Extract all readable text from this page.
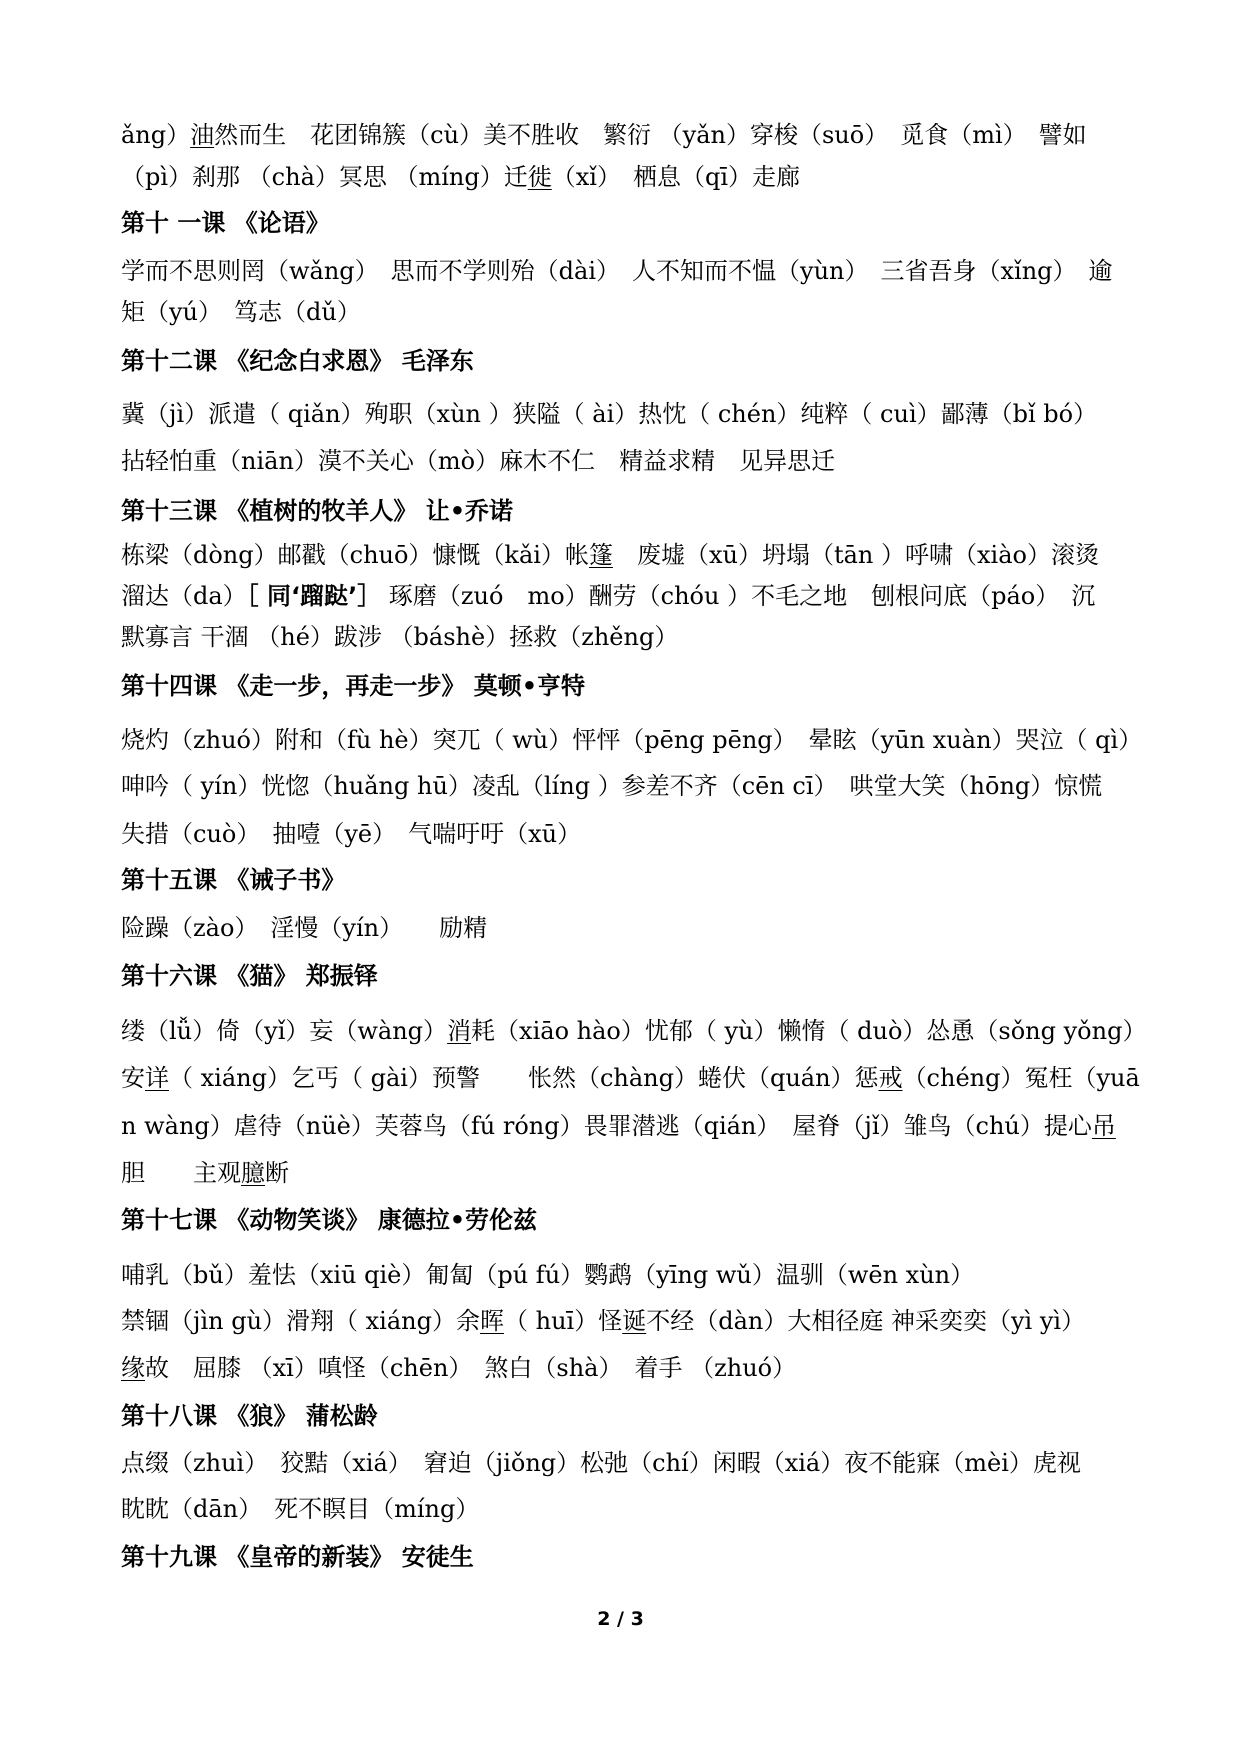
ǎng）油然而生　花团锦簇（cù）美不胜收　繁衍 （yǎn）穿梭（suō）　觅食（mì）　譬如
（pì）刹那 （chà）冥思 （míng）迁徙（xǐ）　栖息（qī）走廊
第十 一课 《论语》
学而不思则罔（wǎng）　思而不学则殆（dài）　人不知而不愠（yùn）　三省吾身（xǐng）　逾
矩（yú）　笃志（dǔ）
第十二课 《纪念白求恩》 毛泽东
冀（jì）派遣（ qiǎn）殉职（xùn ）狭隘（ ài）热忱（ chén）纯粹（ cuì）鄙薄（bǐ bó）
拈轻怕重（niān）漠不关心（mò）麻木不仁　精益求精　见异思迁
第十三课 《植树的牧羊人》 让•乔诺
栋梁（dòng）邮戳（chuō）慷慨（kǎi）帐篷　废墟（xū）坍塌（tān ）呼啸（xiào）滚烫
溜达（da）［ 同‘蹓跶’］ 琢磨（zuó　mo）酬劳（chóu ）不毛之地　刨根问底（páo）　沉
默寡言 干涸 （hé）跋涉 （báshè）拯救（zhěng）
第十四课 《走一步，再走一步》 莫顿•亨特
烧灼（zhuó）附和（fù hè）突兀（ wù）怦怦（pēng pēng）　晕眩（yūn xuàn）哭泣（ qì）
呻吟（ yín）恍惚（huǎng hū）凌乱（líng ）参差不齐（cēn cī）　哄堂大笑（hōng）惊慌
失措（cuò）　抽噎（yē）　气喘吁吁（xū）
第十五课 《诫子书》
险躁（zào）　淫慢（yín）　　励精
第十六课 《猫》 郑振铎
缕（lǚ）倚（yǐ）妄（wàng）消耗（xiāo hào）忧郁（ yù）懒惰（ duò）怂恿（sǒng yǒng）
安详（ xiáng）乞丐（ gài）预警　　怅然（chàng）蜷伏（quán）惩戒（chéng）冤枉（yuā
n wàng）虐待（nüè）芙蓉鸟（fú róng）畏罪潜逃（qián）　屋脊（jǐ）雏鸟（chú）提心吊
胆　　主观臆断
第十七课 《动物笑谈》 康德拉•劳伦兹
哺乳（bǔ）羞怯（xiū qiè）匍匐（pú fú）鹦鹉（yīng wǔ）温驯（wēn xùn）
禁锢（jìn gù）滑翔（ xiáng）余晖（ huī）怪诞不经（dàn）大相径庭 神采奕奕（yì yì）
缘故　屈膝 （xī）嗔怪（chēn）　煞白（shà）　着手 （zhuó）
第十八课 《狼》 蒲松龄
点缀（zhuì）　狡黠（xiá）　窘迫（jiǒng）松弛（chí）闲暇（xiá）夜不能寐（mèi）虎视
眈眈（dān）　死不瞑目（míng）
第十九课 《皇帝的新装》 安徒生
2 / 3
